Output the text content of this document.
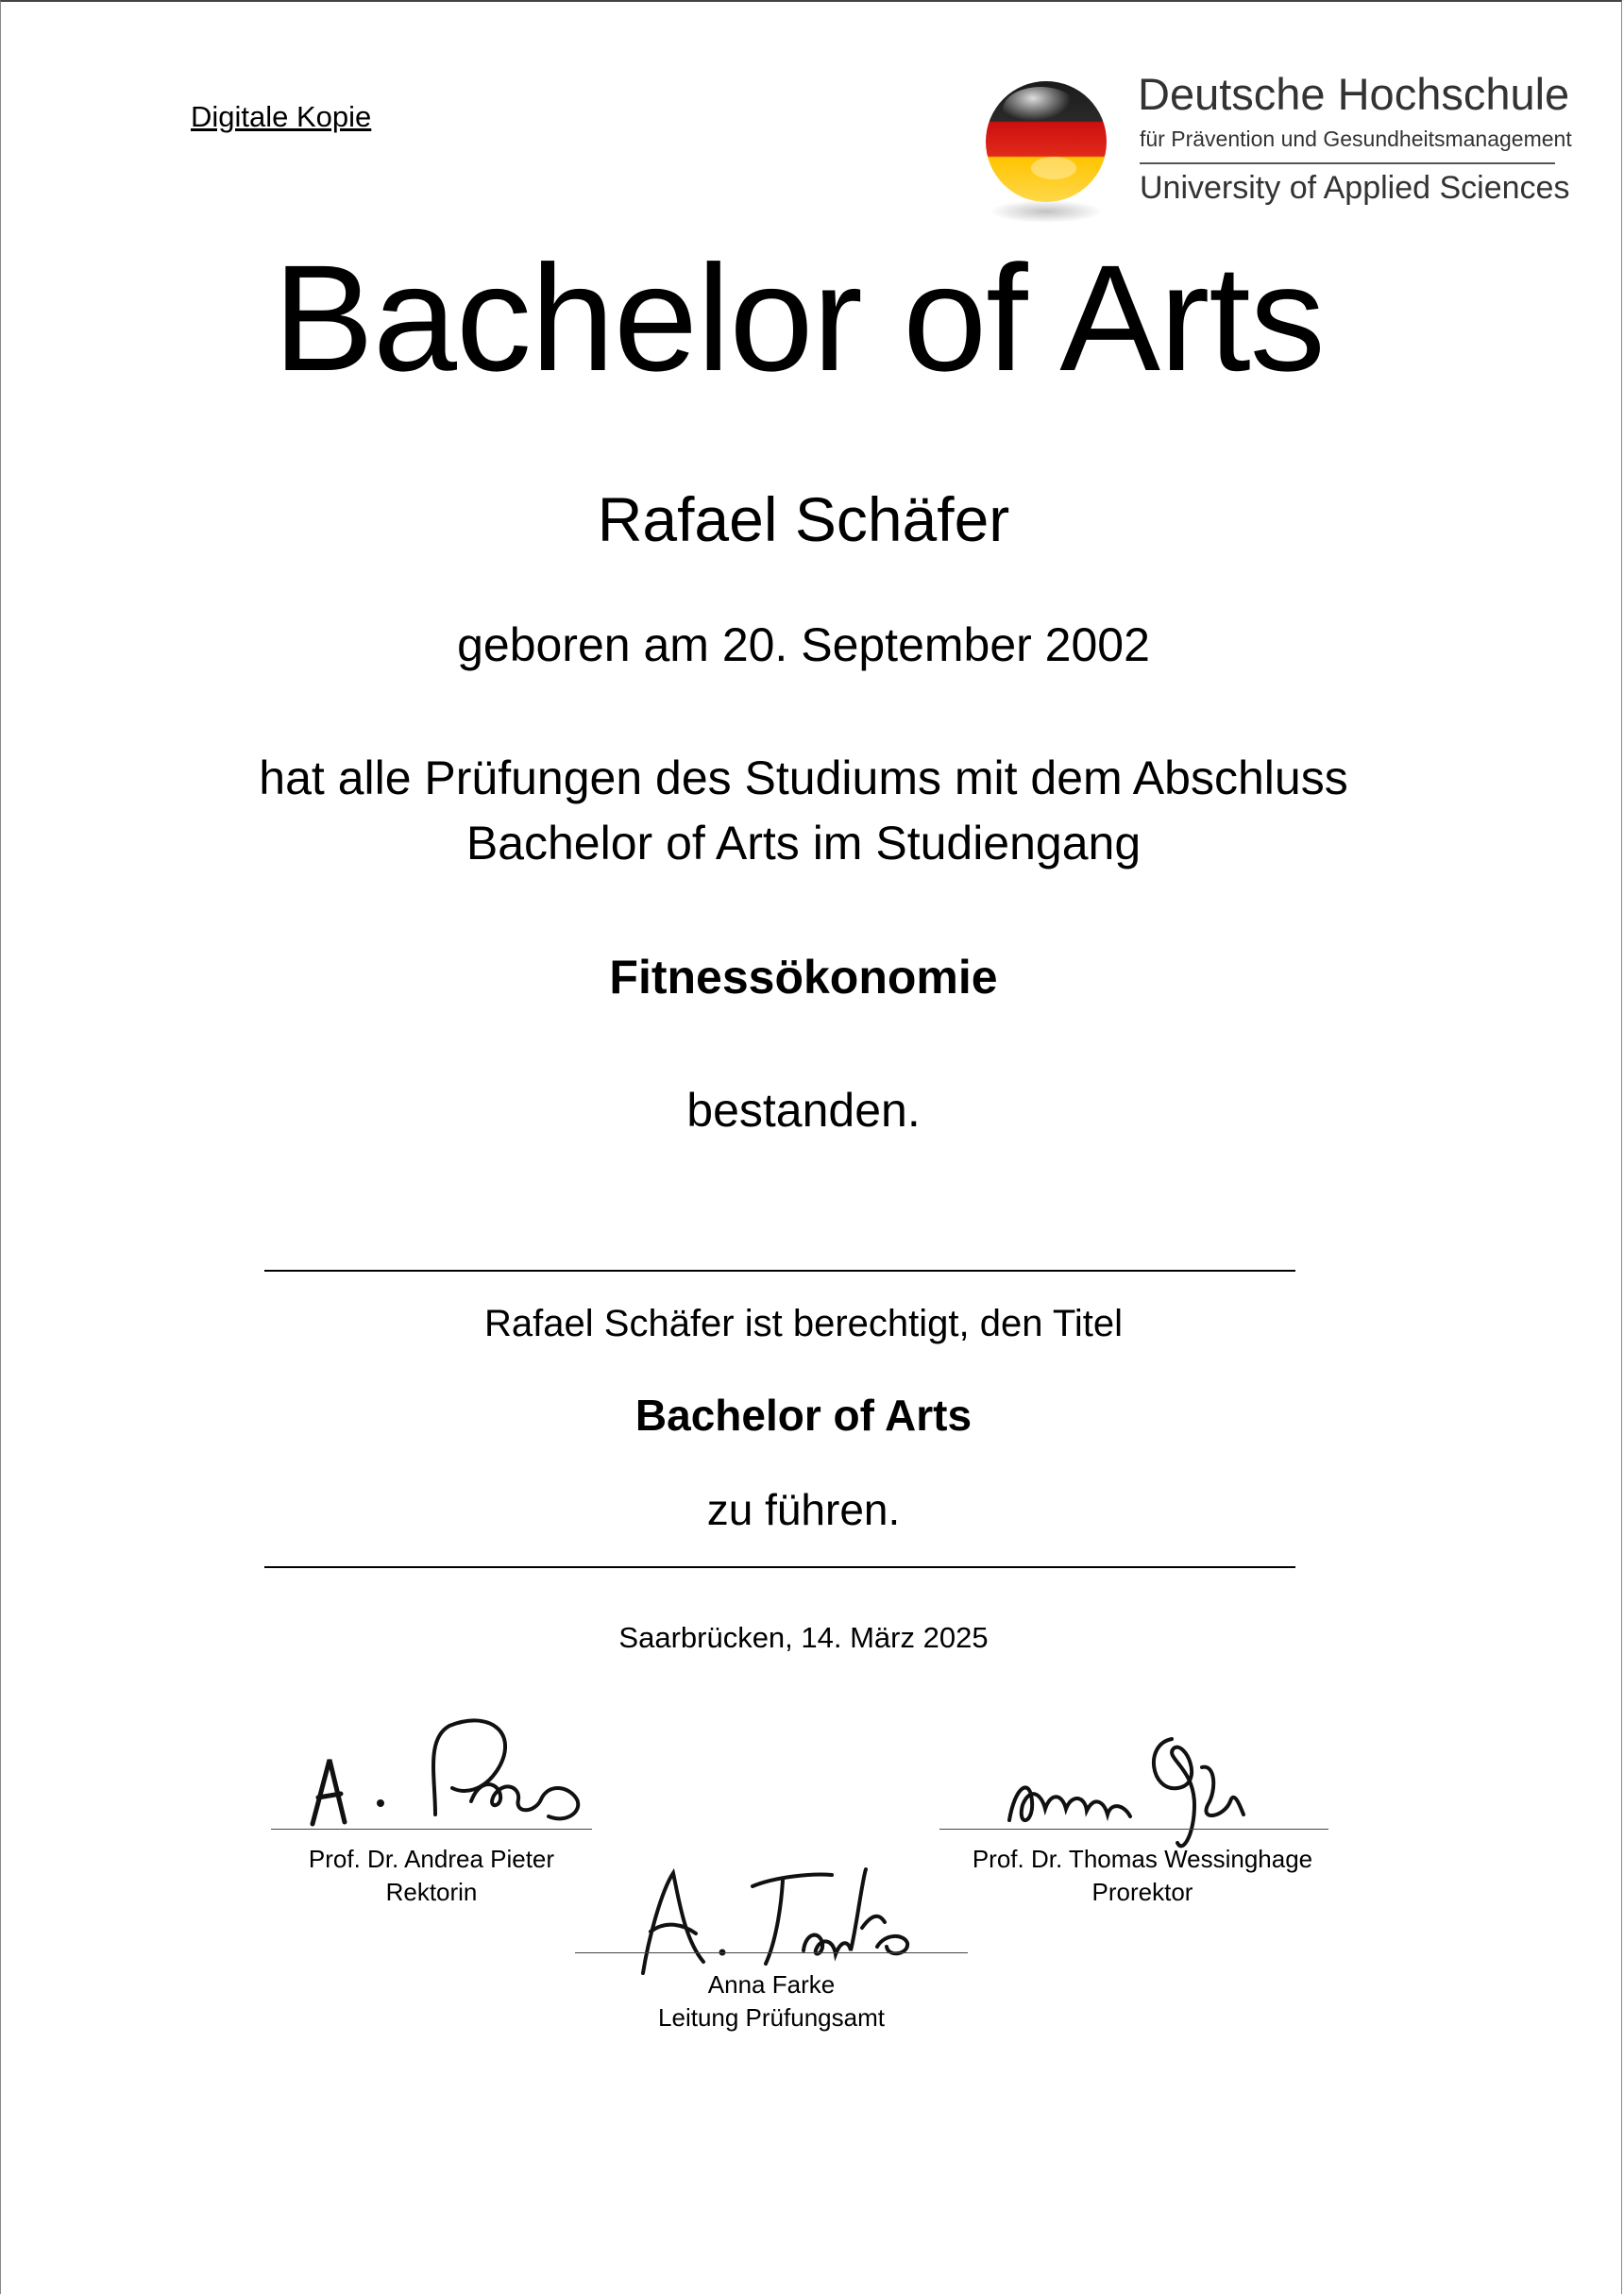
Digitale Kopie	Deutsche Hochschule
für Prävention und Gesundheitsmanagement
University of Applied Sciences
Bachelor of Arts
Rafael Schäfer
geboren am 20. September 2002
hat alle Prüfungen des Studiums mit dem Abschluss
Bachelor of Arts im Studiengang
Fitnessökonomie
bestanden.
Rafael Schäfer ist berechtigt, den Titel
Bachelor of Arts
zu führen.
Saarbrücken, 14. März 2025
Prof. Dr. Andrea Pieter
Rektorin
Prof. Dr. Thomas Wessinghage
Prorektor
Anna Farke
Leitung Prüfungsamt
